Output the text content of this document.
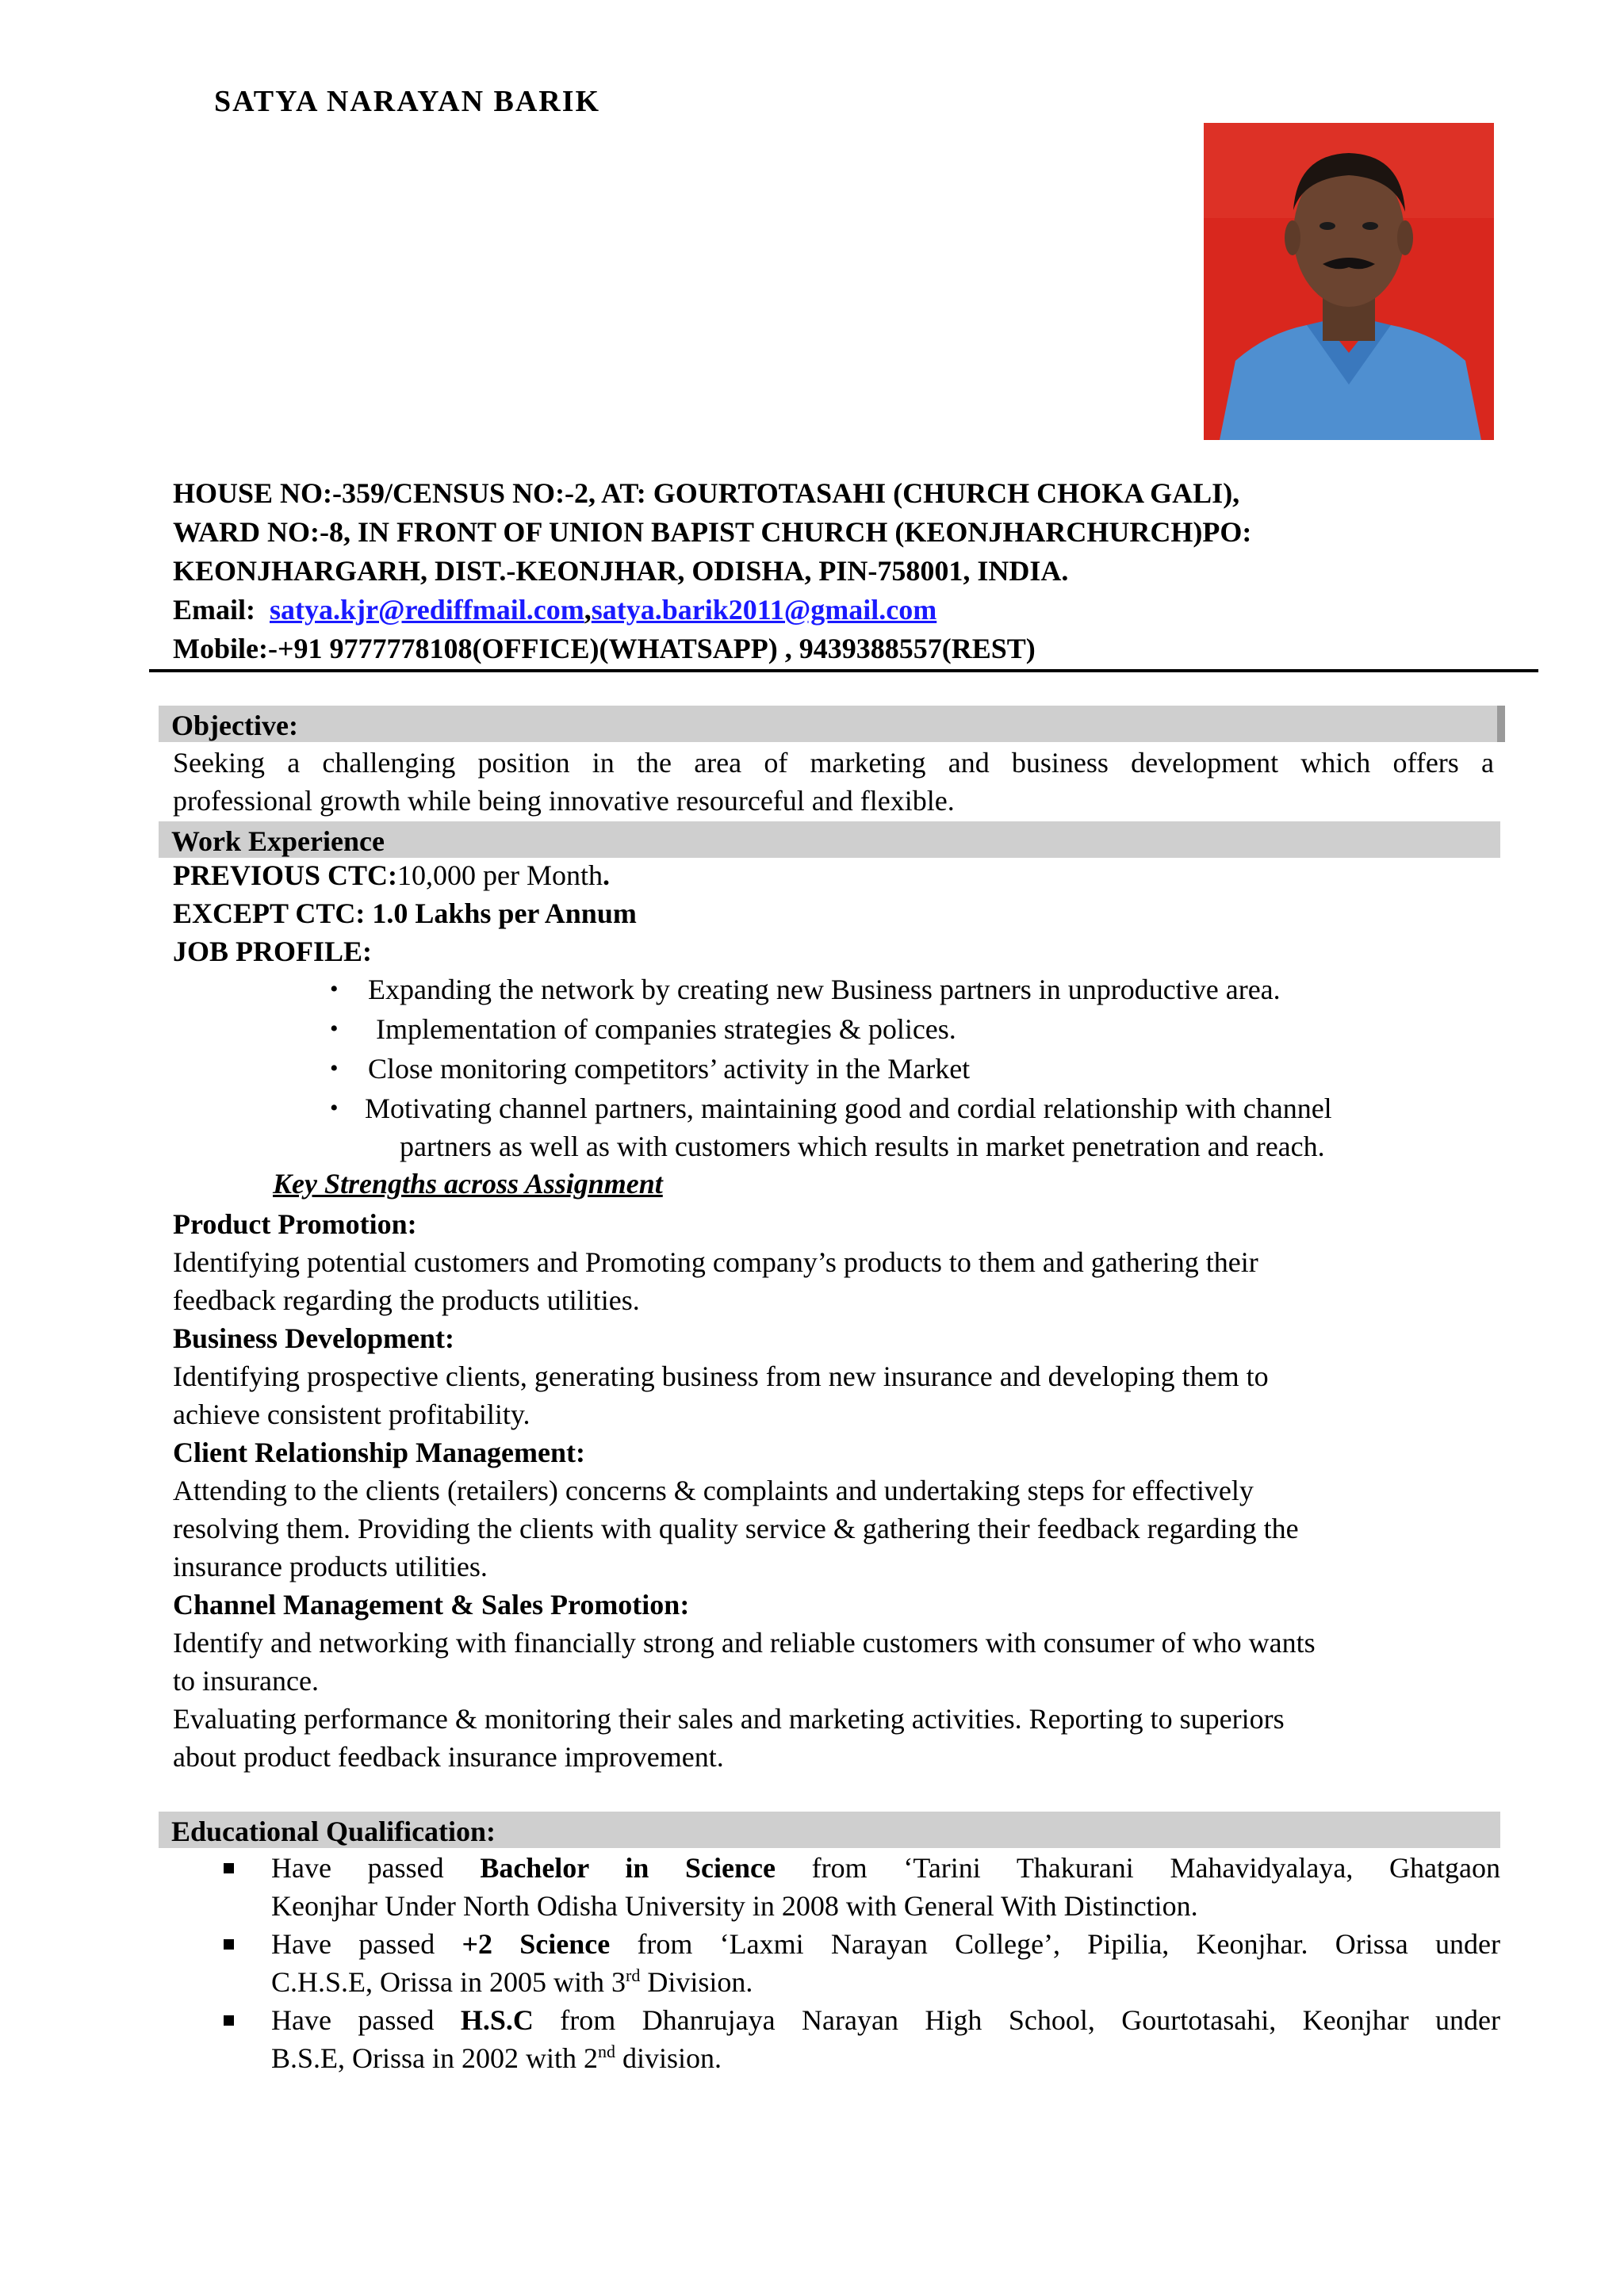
SATYA NARAYAN BARIK
HOUSE NO:-359/CENSUS NO:-2, AT: GOURTOTASAHI (CHURCH CHOKA GALI),
WARD NO:-8, IN FRONT OF UNION BAPIST CHURCH (KEONJHARCHURCH)PO:
KEONJHARGARH, DIST.-KEONJHAR, ODISHA, PIN-758001, INDIA.
Email: satya.kjr@rediffmail.com,satya.barik2011@gmail.com
Mobile:-+91 9777778108(OFFICE)(WHATSAPP) , 9439388557(REST)
Objective:
Seeking a challenging position in the area of marketing and business development which offers a
professional growth while being innovative resourceful and flexible.
Work Experience
PREVIOUS CTC:10,000 per Month.
EXCEPT CTC: 1.0 Lakhs per Annum
JOB PROFILE:
• Expanding the network by creating new Business partners in unproductive area.
• Implementation of companies strategies & polices.
• Close monitoring competitors’ activity in the Market
• Motivating channel partners, maintaining good and cordial relationship with channel
partners as well as with customers which results in market penetration and reach.
Key Strengths across Assignment
Product Promotion:
Identifying potential customers and Promoting company’s products to them and gathering their
feedback regarding the products utilities.
Business Development:
Identifying prospective clients, generating business from new insurance and developing them to
achieve consistent profitability.
Client Relationship Management:
Attending to the clients (retailers) concerns & complaints and undertaking steps for effectively
resolving them. Providing the clients with quality service & gathering their feedback regarding the
insurance products utilities.
Channel Management & Sales Promotion:
Identify and networking with financially strong and reliable customers with consumer of who wants
to insurance.
Evaluating performance & monitoring their sales and marketing activities. Reporting to superiors
about product feedback insurance improvement.
Educational Qualification:
Have passed Bachelor in Science from ‘Tarini Thakurani Mahavidyalaya, Ghatgaon
Keonjhar Under North Odisha University in 2008 with General With Distinction.
Have passed +2 Science from ‘Laxmi Narayan College’, Pipilia, Keonjhar. Orissa under
C.H.S.E, Orissa in 2005 with 3rd Division.
Have passed H.S.C from Dhanrujaya Narayan High School, Gourtotasahi, Keonjhar under
B.S.E, Orissa in 2002 with 2nd division.
